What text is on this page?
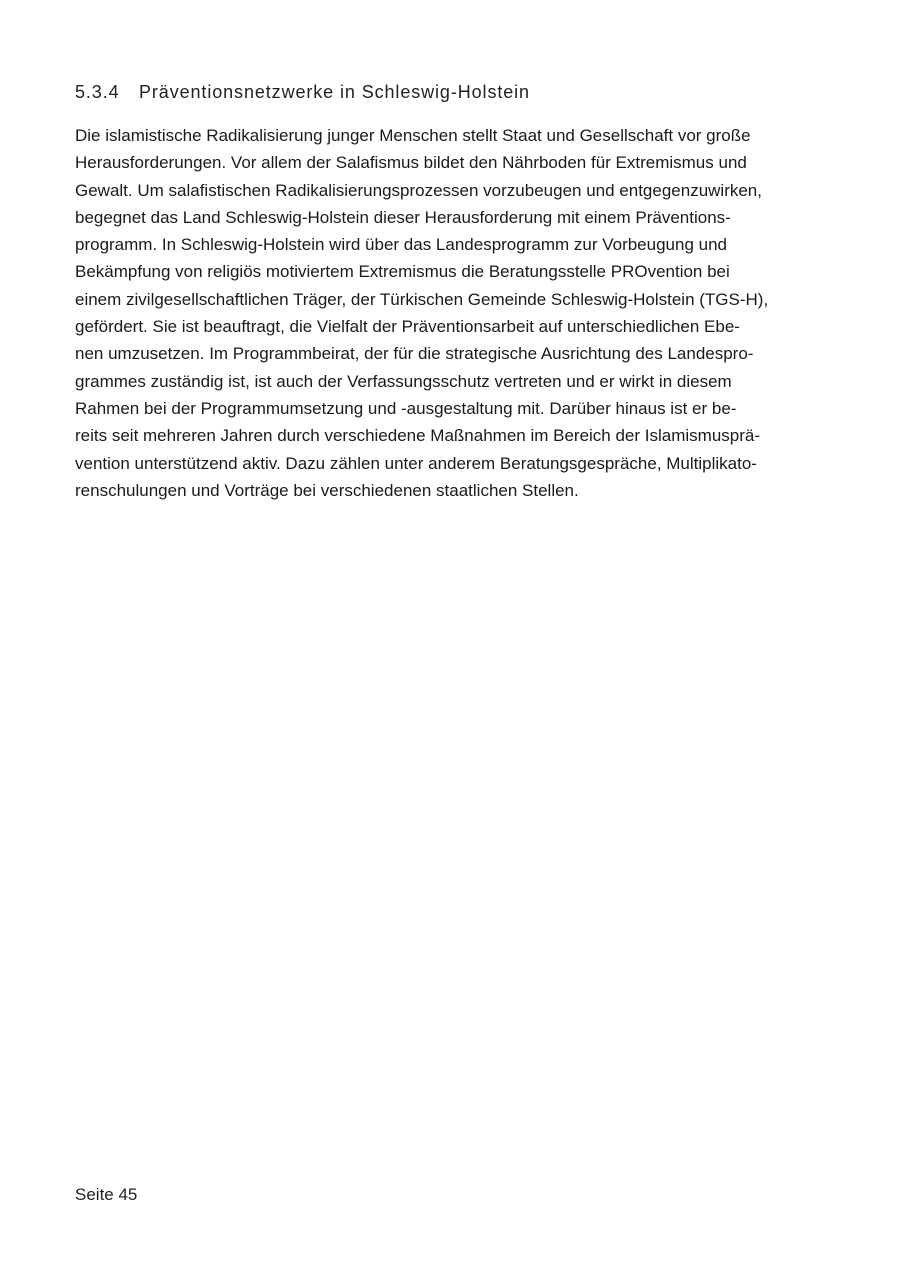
5.3.4 Präventionsnetzwerke in Schleswig-Holstein

Die islamistische Radikalisierung junger Menschen stellt Staat und Gesellschaft vor große
Herausforderungen. Vor allem der Salafismus bildet den Nährboden für Extremismus und
Gewalt. Um salafistischen Radikalisierungsprozessen vorzubeugen und entgegenzuwirken,
begegnet das Land Schleswig-Holstein dieser Herausforderung mit einem Präventions-
programm. In Schleswig-Holstein wird über das Landesprogramm zur Vorbeugung und
Bekämpfung von religiös motiviertem Extremismus die Beratungsstelle PROvention bei
einem zivilgesellschaftlichen Träger, der Türkischen Gemeinde Schleswig-Holstein (TGS-H),
gefördert. Sie ist beauftragt, die Vielfalt der Präventionsarbeit auf unterschiedlichen Ebe-
nen umzusetzen. Im Programmbeirat, der für die strategische Ausrichtung des Landespro-
grammes zuständig ist, ist auch der Verfassungsschutz vertreten und er wirkt in diesem
Rahmen bei der Programmumsetzung und -ausgestaltung mit. Darüber hinaus ist er be-
reits seit mehreren Jahren durch verschiedene Maßnahmen im Bereich der Islamismusprä-
vention unterstützend aktiv. Dazu zählen unter anderem Beratungsgespräche, Multiplikato-
renschulungen und Vorträge bei verschiedenen staatlichen Stellen.

Seite 45
